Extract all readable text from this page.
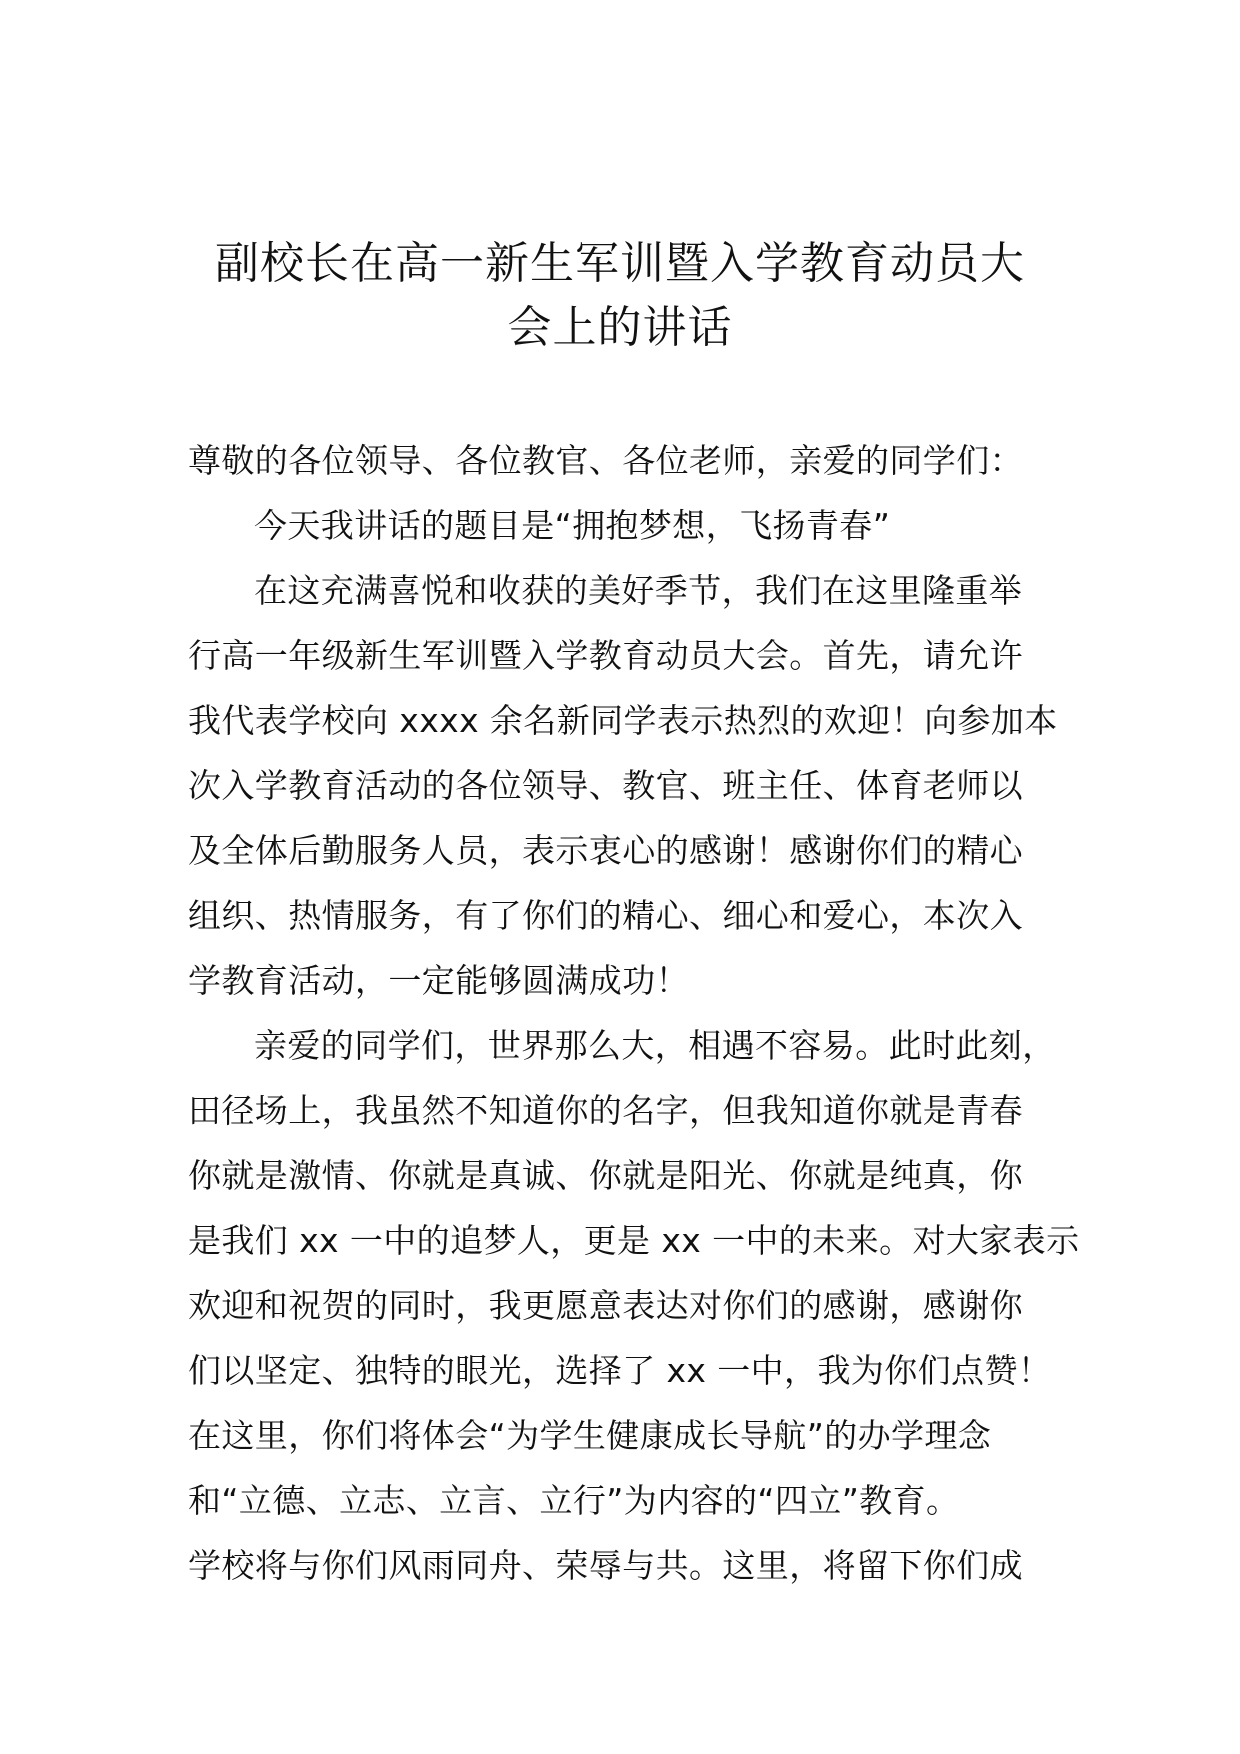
副校长在高一新生军训暨入学教育动员大
会上的讲话
尊敬的各位领导、各位教官、各位老师，亲爱的同学们：
今天我讲话的题目是“拥抱梦想，飞扬青春”
在这充满喜悦和收获的美好季节，我们在这里隆重举
行高一年级新生军训暨入学教育动员大会。首先，请允许
我代表学校向 xxxx 余名新同学表示热烈的欢迎！向参加本
次入学教育活动的各位领导、教官、班主任、体育老师以
及全体后勤服务人员，表示衷心的感谢！感谢你们的精心
组织、热情服务，有了你们的精心、细心和爱心，本次入
学教育活动，一定能够圆满成功！
亲爱的同学们，世界那么大，相遇不容易。此时此刻，
田径场上，我虽然不知道你的名字，但我知道你就是青春
你就是激情、你就是真诚、你就是阳光、你就是纯真，你
是我们 xx 一中的追梦人，更是 xx 一中的未来。对大家表示
欢迎和祝贺的同时，我更愿意表达对你们的感谢，感谢你
们以坚定、独特的眼光，选择了 xx 一中，我为你们点赞！
在这里，你们将体会“为学生健康成长导航”的办学理念
和“立德、立志、立言、立行”为内容的“四立”教育。
学校将与你们风雨同舟、荣辱与共。这里，将留下你们成
